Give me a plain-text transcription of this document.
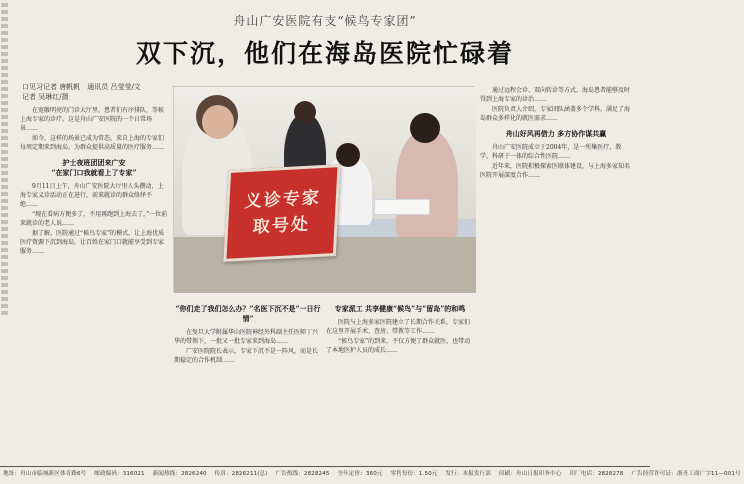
舟山广安医院有支“候鸟专家团”
双下沉，他们在海岛医院忙碌着
口见习记者 唐帆帆　通讯员 吕莹莹/文
记者 吴琳红/摄

在宽敞明亮的门诊大厅里，患者们有序排队，等候上海专家的诊疗。这是舟山广安医院的一个日常场景……

如今，这样的场景已成为常态，来自上海的专家们每周定期来到海岛，为群众提供高质量的医疗服务……

护士夜班团团来广安
“在家门口我就看上了专家”

9月11日上午，舟山广安医院大厅里人头攒动，上海专家义诊活动正在进行，前来就诊的群众络绎不绝……

“现在看病方便多了，不用再跑到上海去了。”一位前来就诊的老人说……

据了解，医院通过“候鸟专家”的模式，让上海优质医疗资源下沉到海岛，让百姓在家门口就能享受到专家服务……

义诊专家
取号处
“你们走了我们怎么办？”名医下沉不是“一日行情”

在复旦大学附属华山医院神经外科副主任医师丁兴华的带领下，一批又一批专家来到海岛……

广安医院院长表示，专家下沉不是一阵风，而是长期稳定的合作机制……

专家派工 共享健康“候鸟”与“留岛”的和鸣

医院与上海多家医院建立了长期合作关系，专家们在这里开展手术、查房、带教等工作……

“候鸟专家”的到来，不仅方便了群众就医，也带动了本地医护人员的成长……

通过远程会诊、双向转诊等方式，海岛患者能够及时得到上海专家的诊治……

医院负责人介绍，专家团队涵盖多个学科，满足了海岛群众多样化的就医需求……

舟山好风再借力 多方协作谋共赢

舟山广安医院成立于2004年，是一所集医疗、教学、科研于一体的综合性医院……

近年来，医院积极探索医联体建设，与上海多家知名医院开展深度合作……

地址：舟山市临城新区体育路6号 邮政编码：316021 新闻热线：2826240 传真：2826211(总) 广告热线：2828245 全年定价：360元 零售每份：1.50元 发行：本报发行部 印刷：舟山日报印务中心 印厂电话：2828278 广告经营许可证：浙舟工商广字11—001号
